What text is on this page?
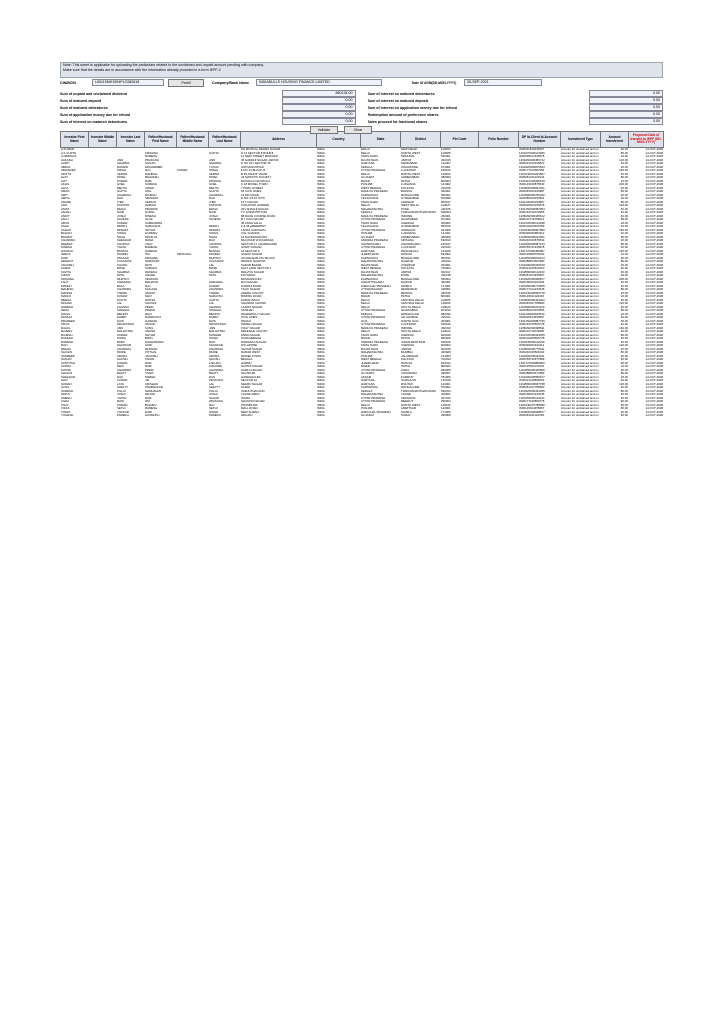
Note: This sheet is applicable for uploading the particulars related to the unclaimed and unpaid amount pending with company.
Make sure that the details are in accordance with the information already provided in e-form IEPF-2
CIN/BCIN	L65110MH1994PLC080618	Prefill	Company/Bank Name	INDIABULLS HOUSING FINANCE LIMITED	Date Of AGM(DD-MON-YYYY)	28-SEP-2021
Sum of unpaid and unclaimed dividend	880134.00
Sum of matured deposit	0.00
Sum of matured debentures	0.00
Sum of application money due for refund	0.00
Sum of interest on matured debentures	0.00
Sum of interest on matured debentures	0.00
Sum of interest on matured deposit	0.00
Sum of interest on application money due for refund	0.00
Redemption amount of preference shares	0.00
Sales proceed for fractional shares	0.00
Validate	Clear
Investor First Name	Investor Middle Name	Investor Last Name	Father/Husband First Name	Father/Husband Middle Name	Father/Husband Last Name	Address	Country	State	District	Pin Code	Folio Number	DP Id-Client Id-Account Number	Investment Type	Amount transferred	Proposed Date of transfer to IEPF (DD-MON-YYYY)
A KUMAR						6/2 MOTILAL NEHRU NAGAR	INDIA	DELHI	NEW DELHI	110003		IN30011810234567	Amount for unclaimed and un	40.00	14-OCT-2028
A K GUPTA			KRISHNA		GUPTA	D 12 SECTOR 8 ROHINI	INDIA	DELHI	NORTH WEST	110085		1204470000123456	Amount for unclaimed and un	80.00	14-OCT-2028
A NIRMALA			RAMESH			12 NEW STREET MADURAI	INDIA	TAMIL NADU	MADURAI	625001		IN30039413345678	Amount for unclaimed and un	10.00	14-OCT-2028
AAKASH		JAIN	PRAKASH		JAIN	45 GANDHI NAGAR JAIPUR	INDIA	RAJASTHAN	JAIPUR	302015		1201060000456712	Amount for unclaimed and un	120.00	14-OCT-2028
AARTI		SHARMA	SANJAY		SHARMA	H NO 221 SECTOR 15	INDIA	HARYANA	FARIDABAD	121007		IN30021412345612	Amount for unclaimed and un	40.00	14-OCT-2028
ABDUL		RASHID	MOHAMMED		YUSUF	3/45 MAIN ROAD	INDIA	KERALA	KOZHIKODE	673001		1203320000876543	Amount for unclaimed and un	20.00	14-OCT-2028
ABHISHEK		SINGH	RAJ	KUMAR	SINGH	FLAT 12 BLOCK B	INDIA	UTTAR PRADESH	LUCKNOW	226010		IN30177410987654	Amount for unclaimed and un	160.00	14-OCT-2028
ADITYA		VERMA	MAHESH		VERMA	B 45 ASHOK VIHAR	INDIA	DELHI	NORTH WEST	110052		1304140001234567	Amount for unclaimed and un	40.00	14-OCT-2028
AJAY		PATEL	BHAVESH		PATEL	22 SWASTIK SOCIETY	INDIA	GUJARAT	AHMEDABAD	380009		IN30051311223344	Amount for unclaimed and un	80.00	14-OCT-2028
AJIT		KUMAR	RAM		PRASAD	MOHALLA NAYATOLA	INDIA	BIHAR	PATNA	800004		1201910100345678	Amount for unclaimed and un	10.00	14-OCT-2028
AKHIL		GOEL	SURESH		GOEL	C 18 MODEL TOWN	INDIA	PUNJAB	LUDHIANA	141002		IN30133019876543	Amount for unclaimed and un	200.00	14-OCT-2028
ALKA		MEHTA	VINOD		MEHTA	7 PARK STREET	INDIA	WEST BENGAL	KOLKATA	700016		1203000000654321	Amount for unclaimed and un	40.00	14-OCT-2028
AMAN		GUPTA	ANIL		GUPTA	56 CIVIL LINES	INDIA	MADHYA PRADESH	BHOPAL	462001		IN30045012345987	Amount for unclaimed and un	60.00	14-OCT-2028
AMIT		AGARWAL	RAJESH		AGARWAL	12 MG ROAD	INDIA	KARNATAKA	BANGALORE	560001		1202990000765432	Amount for unclaimed and un	40.00	14-OCT-2028
AMITA		RAO	SRINIVAS		RAO	H NO 4-5-67 KOTI	INDIA	TELANGANA	HYDERABAD	500095		IN30286310234561	Amount for unclaimed and un	20.00	14-OCT-2028
ANAND		IYER	VENKAT		IYER	15 T NAGAR	INDIA	TAMIL NADU	CHENNAI	600017		1201130000234567	Amount for unclaimed and un	80.00	14-OCT-2028
ANIL		KAPOOR	HARISH		KAPOOR	9 RAJOURI GARDEN	INDIA	DELHI	WEST DELHI	110027		IN30020610345678	Amount for unclaimed and un	120.00	14-OCT-2028
ANITA		DESAI	PRAMOD		DESAI	301 SHIVAJI NAGAR	INDIA	MAHARASHTRA	PUNE	411005		1301760000987654	Amount for unclaimed and un	40.00	14-OCT-2028
ANJALI		NAIR	GOPAL		NAIR	TC 12/345 PATTOM	INDIA	KERALA	THIRUVANANTHAPURAM	695004		IN30163740123456	Amount for unclaimed and un	10.00	14-OCT-2028
ANKIT		JOSHI	DINESH		JOSHI	88 RACE COURSE ROAD	INDIA	MADHYA PRADESH	INDORE	452001		1208160000345612	Amount for unclaimed and un	40.00	14-OCT-2028
ANUJ		SAXENA	ALOK		SAXENA	B 7 KAVI NAGAR	INDIA	UTTAR PRADESH	GHAZIABAD	201002		IN30112716789012	Amount for unclaimed and un	80.00	14-OCT-2028
ARUN		KUMAR	SUBRAMANI			45 ANNA SALAI	INDIA	TAMIL NADU	CHENNAI	600002		1204720000123498	Amount for unclaimed and un	20.00	14-OCT-2028
ASHA		REDDY	NARAYANA		REDDY	2-3-45 AMEERPET	INDIA	TELANGANA	HYDERABAD	500016		IN30102220456789	Amount for unclaimed and un	40.00	14-OCT-2028
ASHOK		MISHRA	SHYAM		MISHRA	LANKA VARANASI	INDIA	UTTAR PRADESH	VARANASI	221005		1201640000567890	Amount for unclaimed and un	160.00	14-OCT-2028
BALRAJ		SINGH	GURDEV		SINGH	VILL KHANNA	INDIA	PUNJAB	LUDHIANA	141401		IN30036020987612	Amount for unclaimed and un	40.00	14-OCT-2028
BHARAT		SHAH	MANILAL		SHAH	14 NAVRANGPURA	INDIA	GUJARAT	AHMEDABAD	380009		1203500000234561	Amount for unclaimed and un	60.00	14-OCT-2028
CHANDRA		SHEKHAR	RAMA		RAO	MG ROAD VIJAYAWADA	INDIA	ANDHRA PRADESH	KRISHNA	520010		IN30232410876543	Amount for unclaimed and un	20.00	14-OCT-2028
DEEPAK		CHOPRA	VIJAY		CHOPRA	SECTOR 17 CHANDIGARH	INDIA	CHANDIGARH	CHANDIGARH	160017		1202300000987123	Amount for unclaimed and un	80.00	14-OCT-2028
DINESH		YADAV	RAMESH		YADAV	GOMTI NAGAR	INDIA	UTTAR PRADESH	LUCKNOW	226010		IN30155721345678	Amount for unclaimed and un	40.00	14-OCT-2028
GAURAV		BANSAL	NARESH		BANSAL	24 SECTOR 9	INDIA	HARYANA	PANCHKULA	134109		1201770000456987	Amount for unclaimed and un	120.00	14-OCT-2028
GEETA		PANDEY	OM	PRAKASH	PANDEY	ASHOK NAGAR	INDIA	JHARKHAND	RANCHI	834002		IN30125028765432	Amount for unclaimed and un	10.00	14-OCT-2028
HARI		PRASAD	KRISHNA		MURTHY	JAYANAGAR 4TH BLOCK	INDIA	KARNATAKA	BANGALORE	560011		1204450000678123	Amount for unclaimed and un	40.00	14-OCT-2028
HEMANT		KULKARNI	SHRIKANT		KULKARNI	DEORAI NAGPUR	INDIA	MAHARASHTRA	NAGPUR	440010		IN30088814567890	Amount for unclaimed and un	80.00	14-OCT-2028
JAGDISH		CHAND	MOTI		LAL	SADAR BAZAR	INDIA	RAJASTHAN	JODHPUR	342001		1201090000345678	Amount for unclaimed and un	20.00	14-OCT-2028
KAMAL		BOSE	SUBHAS		BOSE	SALT LAKE SECTOR 1	INDIA	WEST BENGAL	KOLKATA	700064		IN30021416543210	Amount for unclaimed and un	40.00	14-OCT-2028
KAVITA		SHARMA	RAKESH		SHARMA	MALVIYA NAGAR	INDIA	RAJASTHAN	JAIPUR	302017		1302590000112233	Amount for unclaimed and un	60.00	14-OCT-2028
KIRAN		PATIL	ANAND		PATIL	KOTHRUD	INDIA	MAHARASHTRA	PUNE	411038		IN30051314455667	Amount for unclaimed and un	40.00	14-OCT-2028
KRISHNA		MURTHY	VENKATA			BASAVANGUDI	INDIA	KARNATAKA	BANGALORE	560004		1203320000998877	Amount for unclaimed and un	200.00	14-OCT-2028
LALIT		AGRAWAL	MAHAVIR		AGRAWAL	RAJ NAGAR	INDIA	CHHATTISGARH	RAIPUR	492001		IN30198310223344	Amount for unclaimed and un	40.00	14-OCT-2028
MADHU		BALA	RAJ		KUMAR	GANDHI ROAD	INDIA	HIMACHAL PRADESH	SHIMLA	171001		1201060000776655	Amount for unclaimed and un	10.00	14-OCT-2028
MAHESH		CHANDRA	KAILASH		CHANDRA	TILAK NAGAR	INDIA	UTTARAKHAND	DEHRADUN	248001		IN30177412233445	Amount for unclaimed and un	80.00	14-OCT-2028
MANISH		TIWARI	ASHOK		TIWARI	ARERA COLONY	INDIA	MADHYA PRADESH	BHOPAL	462016		1304140005566778	Amount for unclaimed and un	40.00	14-OCT-2028
MANOJ		KUMAR	SHIV		NARAYAN	BORING ROAD	INDIA	BIHAR	PATNA	800001		IN30133011122334	Amount for unclaimed and un	20.00	14-OCT-2028
MEENA		GUPTA	SATISH		GUPTA	KAROL BAGH	INDIA	DELHI	CENTRAL DELHI	110005		1203000000443322	Amount for unclaimed and un	40.00	14-OCT-2028
MOHAN		LAL	CHUNNI		LAL	CHANDNI CHOWK	INDIA	DELHI	CENTRAL DELHI	110006		IN30045017788990	Amount for unclaimed and un	120.00	14-OCT-2028
NARESH		KHANNA	PREM		KHANNA	LAJPAT NAGAR	INDIA	DELHI	SOUTH DELHI	110024		1202990000221100	Amount for unclaimed and un	40.00	14-OCT-2028
NEHA		SINGHAL	PAWAN		SINGHAL	VAISHALI	INDIA	UTTAR PRADESH	GHAZIABAD	201010		IN30286313344556	Amount for unclaimed and un	80.00	14-OCT-2028
NIKHIL		MENON	RAVI		MENON	PANAMPILLY NAGAR	INDIA	KERALA	ERNAKULAM	682036		1201130000665544	Amount for unclaimed and un	20.00	14-OCT-2028
PANKAJ		DUBEY	RAMAKANT		DUBEY	CIVIL LINES	INDIA	UTTAR PRADESH	ALLAHABAD	211001		IN30020614455667	Amount for unclaimed and un	40.00	14-OCT-2028
PRADEEP		NAIK	GANESH		NAIK	PANAJI	INDIA	GOA	NORTH GOA	403001		1301760000887766	Amount for unclaimed and un	60.00	14-OCT-2028
PRIYA		SRIVASTAVA	ANOOP		SRIVASTAVA	INDIRA NAGAR	INDIA	UTTAR PRADESH	LUCKNOW	226016		IN30163745566778	Amount for unclaimed and un	40.00	14-OCT-2028
RAHUL		JAIN	SUNIL		JAIN	VIJAY NAGAR	INDIA	MADHYA PRADESH	INDORE	452010		1208160000998811	Amount for unclaimed and un	160.00	14-OCT-2028
RAJEEV		MALHOTRA	ANAND		MALHOTRA	DEFENCE COLONY	INDIA	DELHI	SOUTH DELHI	110024		IN30112712233990	Amount for unclaimed and un	40.00	14-OCT-2028
RAJESH		KUMAR	SHYAM		SUNDER	ANNA NAGAR	INDIA	TAMIL NADU	CHENNAI	600040		1204720000334455	Amount for unclaimed and un	80.00	14-OCT-2028
RAKESH		SINHA	BIPIN		SINHA	KANKARBAGH	INDIA	BIHAR	PATNA	800020		IN30102225566778	Amount for unclaimed and un	20.00	14-OCT-2028
RAMESH		BABU	NAGESWARA		RAO	DWARAKA NAGAR	INDIA	ANDHRA PRADESH	VISAKHAPATNAM	530016		1201640000112299	Amount for unclaimed and un	40.00	14-OCT-2028
RAVI		SHANKAR	HARI		SHANKAR	MYLAPORE	INDIA	TAMIL NADU	CHENNAI	600004		IN30036023344112	Amount for unclaimed and un	120.00	14-OCT-2028
REKHA		AGARWAL	MUKESH		AGARWAL	SHYAM NAGAR	INDIA	RAJASTHAN	JAIPUR	302019		1203500000776611	Amount for unclaimed and un	40.00	14-OCT-2028
SACHIN		MORE	VITTHAL		MORE	DADAR WEST	INDIA	MAHARASHTRA	MUMBAI	400028		IN30232415566443	Amount for unclaimed and un	80.00	14-OCT-2028
SANDEEP		ARORA	JAGDISH		ARORA	MODEL TOWN	INDIA	PUNJAB	JALANDHAR	144003		1202300000223311	Amount for unclaimed and un	20.00	14-OCT-2028
SANJAY		GHOSH	TAPAN		GHOSH	BEHALA	INDIA	WEST BENGAL	KOLKATA	700034		IN30155726677889	Amount for unclaimed and un	40.00	14-OCT-2028
SANTOSH		KUMAR	RAM		LAKHAN	HARMU	INDIA	JHARKHAND	RANCHI	834012		1201770000889900	Amount for unclaimed and un	60.00	14-OCT-2028
SARITA		DEVI	RAM		KISHORE	SASTRI NAGAR	INDIA	BIHAR	PATNA	800023		IN30125021122334	Amount for unclaimed and un	10.00	14-OCT-2028
SATISH		CHANDRA	PREM		CHANDRA	KAMLA NAGAR	INDIA	UTTAR PRADESH	AGRA	282005		1204450000445566	Amount for unclaimed and un	40.00	14-OCT-2028
SHALINI		BHATT	VIVEK		BHATT	ALKAPURI	INDIA	GUJARAT	VADODARA	390007		IN30088816677889	Amount for unclaimed and un	80.00	14-OCT-2028
SHEKHAR		DAS	NIRMAL		DAS	GANESHGURI	INDIA	ASSAM	KAMRUP	781006		1201090000556677	Amount for unclaimed and un	20.00	14-OCT-2028
SHIV		KUMAR	JAI		PRAKASH	SECTOR 22	INDIA	HARYANA	GURGAON	122015		IN30021418899001	Amount for unclaimed and un	40.00	14-OCT-2028
SUMAN		LATA	KRISHAN		LAL	NEHRU NAGAR	INDIA	HARYANA	ROHTAK	124001		1302590000667788	Amount for unclaimed and un	120.00	14-OCT-2028
SUNIL		SHETTY	PRABHAKAR		SHETTY	KADRI	INDIA	KARNATAKA	MANGALORE	575002		IN30051317788990	Amount for unclaimed and un	40.00	14-OCT-2028
SURESH		PILLAI	MADHAVAN		PILLAI	VAZHUTHACAUD	INDIA	KERALA	THIRUVANANTHAPURAM	695014		1203320000334455	Amount for unclaimed and un	80.00	14-OCT-2028
SWATI		JOSHI	MILIND		JOSHI	THANE WEST	INDIA	MAHARASHTRA	THANE	400601		IN30198312233445	Amount for unclaimed and un	20.00	14-OCT-2028
UMESH		YADAV	RAM		SAGAR	SIGRA	INDIA	UTTAR PRADESH	VARANASI	221010		1201060000112244	Amount for unclaimed and un	40.00	14-OCT-2028
USHA		RANI	OM		PRAKASH	SHASTRI NAGAR	INDIA	UTTAR PRADESH	MEERUT	250004		IN30177415566778	Amount for unclaimed and un	60.00	14-OCT-2028
VIJAY		KUMAR	BALDEV		RAJ	PITAMPURA	INDIA	DELHI	NORTH WEST	110034		1304140007788990	Amount for unclaimed and un	40.00	14-OCT-2028
VIKAS		SETHI	RAMESH		SETHI	MALL ROAD	INDIA	PUNJAB	AMRITSAR	143001		IN30133014455667	Amount for unclaimed and un	80.00	14-OCT-2028
VINOD		THAKUR	HARI		SINGH	NEW SHIMLA	INDIA	HIMACHAL PRADESH	SHIMLA	171009		1203000000998877	Amount for unclaimed and un	20.00	14-OCT-2028
YOGESH		PAREKH	HASMUKH		PAREKH	ADAJAN	INDIA	GUJARAT	SURAT	395009		IN30045011122335	Amount for unclaimed and un	40.00	14-OCT-2028
